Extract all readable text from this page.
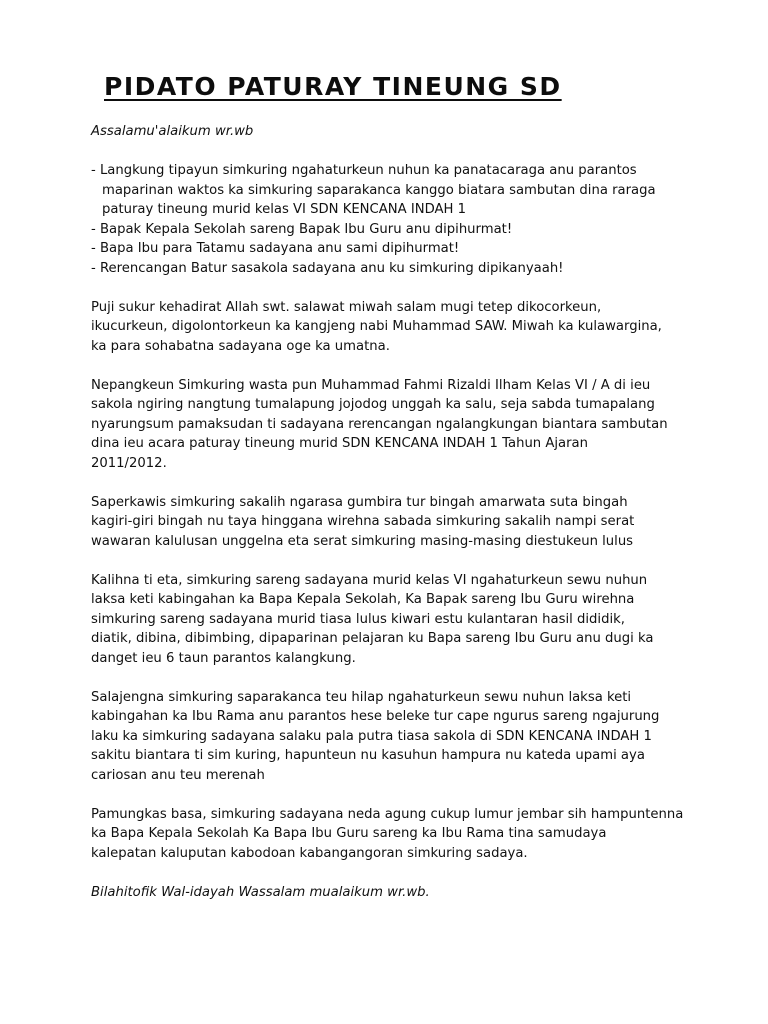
PIDATO PATURAY TINEUNG SD

Assalamu'alaikum wr.wb

- Langkung tipayun simkuring ngahaturkeun nuhun ka panatacaraga anu parantos

maparinan waktos ka simkuring saparakanca kanggo biatara sambutan dina raraga

paturay tineung murid kelas VI SDN KENCANA INDAH 1

- Bapak Kepala Sekolah sareng Bapak Ibu Guru anu dipihurmat!

- Bapa Ibu para Tatamu sadayana anu sami dipihurmat!

- Rerencangan Batur sasakola sadayana anu ku simkuring dipikanyaah!

Puji sukur kehadirat Allah swt. salawat miwah salam mugi tetep dikocorkeun,

ikucurkeun, digolontorkeun ka kangjeng nabi Muhammad SAW. Miwah ka kulawargina,

ka para sohabatna sadayana oge ka umatna.

Nepangkeun Simkuring wasta pun Muhammad Fahmi Rizaldi Ilham Kelas VI / A di ieu

sakola ngiring nangtung tumalapung jojodog unggah ka salu, seja sabda tumapalang

nyarungsum pamaksudan ti sadayana rerencangan ngalangkungan biantara sambutan

dina ieu acara paturay tineung murid SDN KENCANA INDAH 1 Tahun Ajaran

2011/2012.

Saperkawis simkuring sakalih ngarasa gumbira tur bingah amarwata suta bingah

kagiri-giri bingah nu taya hinggana wirehna sabada simkuring sakalih nampi serat

wawaran kalulusan unggelna eta serat simkuring masing-masing diestukeun lulus

Kalihna ti eta, simkuring sareng sadayana murid kelas VI ngahaturkeun sewu nuhun

laksa keti kabingahan ka Bapa Kepala Sekolah, Ka Bapak sareng Ibu Guru wirehna

simkuring sareng sadayana murid tiasa lulus kiwari estu kulantaran hasil dididik,

diatik, dibina, dibimbing, dipaparinan pelajaran ku Bapa sareng Ibu Guru anu dugi ka

danget ieu 6 taun parantos kalangkung.

Salajengna simkuring saparakanca teu hilap ngahaturkeun sewu nuhun laksa keti

kabingahan ka Ibu Rama anu parantos hese beleke tur cape ngurus sareng ngajurung

laku ka simkuring sadayana salaku pala putra tiasa sakola di SDN KENCANA INDAH 1

sakitu biantara ti sim kuring, hapunteun nu kasuhun hampura nu kateda upami aya

cariosan anu teu merenah

Pamungkas basa, simkuring sadayana neda agung cukup lumur jembar sih hampuntenna

ka Bapa Kepala Sekolah Ka Bapa Ibu Guru sareng ka Ibu Rama tina samudaya

kalepatan kaluputan kabodoan kabangangoran simkuring sadaya.

Bilahitofik Wal-idayah Wassalam mualaikum wr.wb.
